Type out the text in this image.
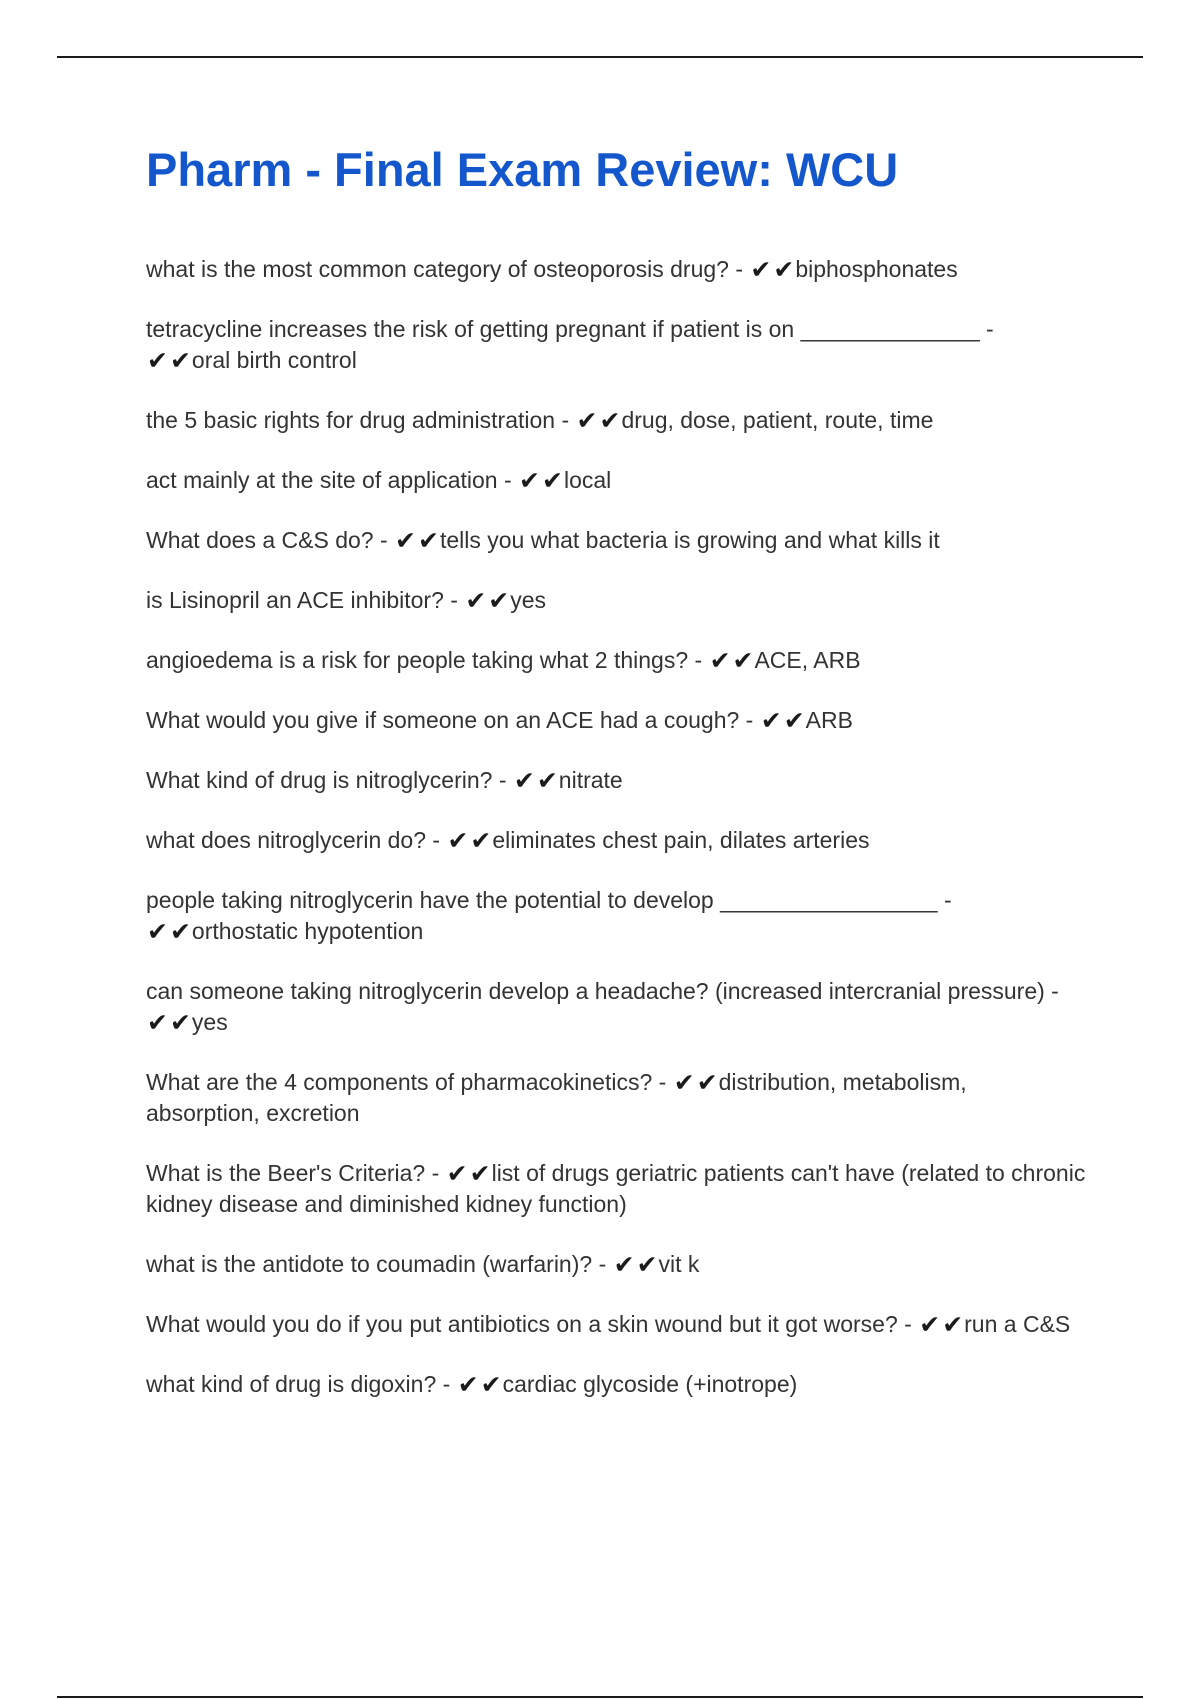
Pharm - Final Exam Review: WCU

what is the most common category of osteoporosis drug? - ✔✔biphosphonates

tetracycline increases the risk of getting pregnant if patient is on ______________ -
✔✔oral birth control

the 5 basic rights for drug administration - ✔✔drug, dose, patient, route, time

act mainly at the site of application - ✔✔local

What does a C&S do? - ✔✔tells you what bacteria is growing and what kills it

is Lisinopril an ACE inhibitor? - ✔✔yes

angioedema is a risk for people taking what 2 things? - ✔✔ACE, ARB

What would you give if someone on an ACE had a cough? - ✔✔ARB

What kind of drug is nitroglycerin? - ✔✔nitrate

what does nitroglycerin do? - ✔✔eliminates chest pain, dilates arteries

people taking nitroglycerin have the potential to develop _________________ -
✔✔orthostatic hypotention

can someone taking nitroglycerin develop a headache? (increased intercranial pressure) - ✔✔yes

What are the 4 components of pharmacokinetics? - ✔✔distribution, metabolism, absorption, excretion

What is the Beer's Criteria? - ✔✔list of drugs geriatric patients can't have (related to chronic kidney disease and diminished kidney function)

what is the antidote to coumadin (warfarin)? - ✔✔vit k

What would you do if you put antibiotics on a skin wound but it got worse? - ✔✔run a C&S

what kind of drug is digoxin? - ✔✔cardiac glycoside (+inotrope)
